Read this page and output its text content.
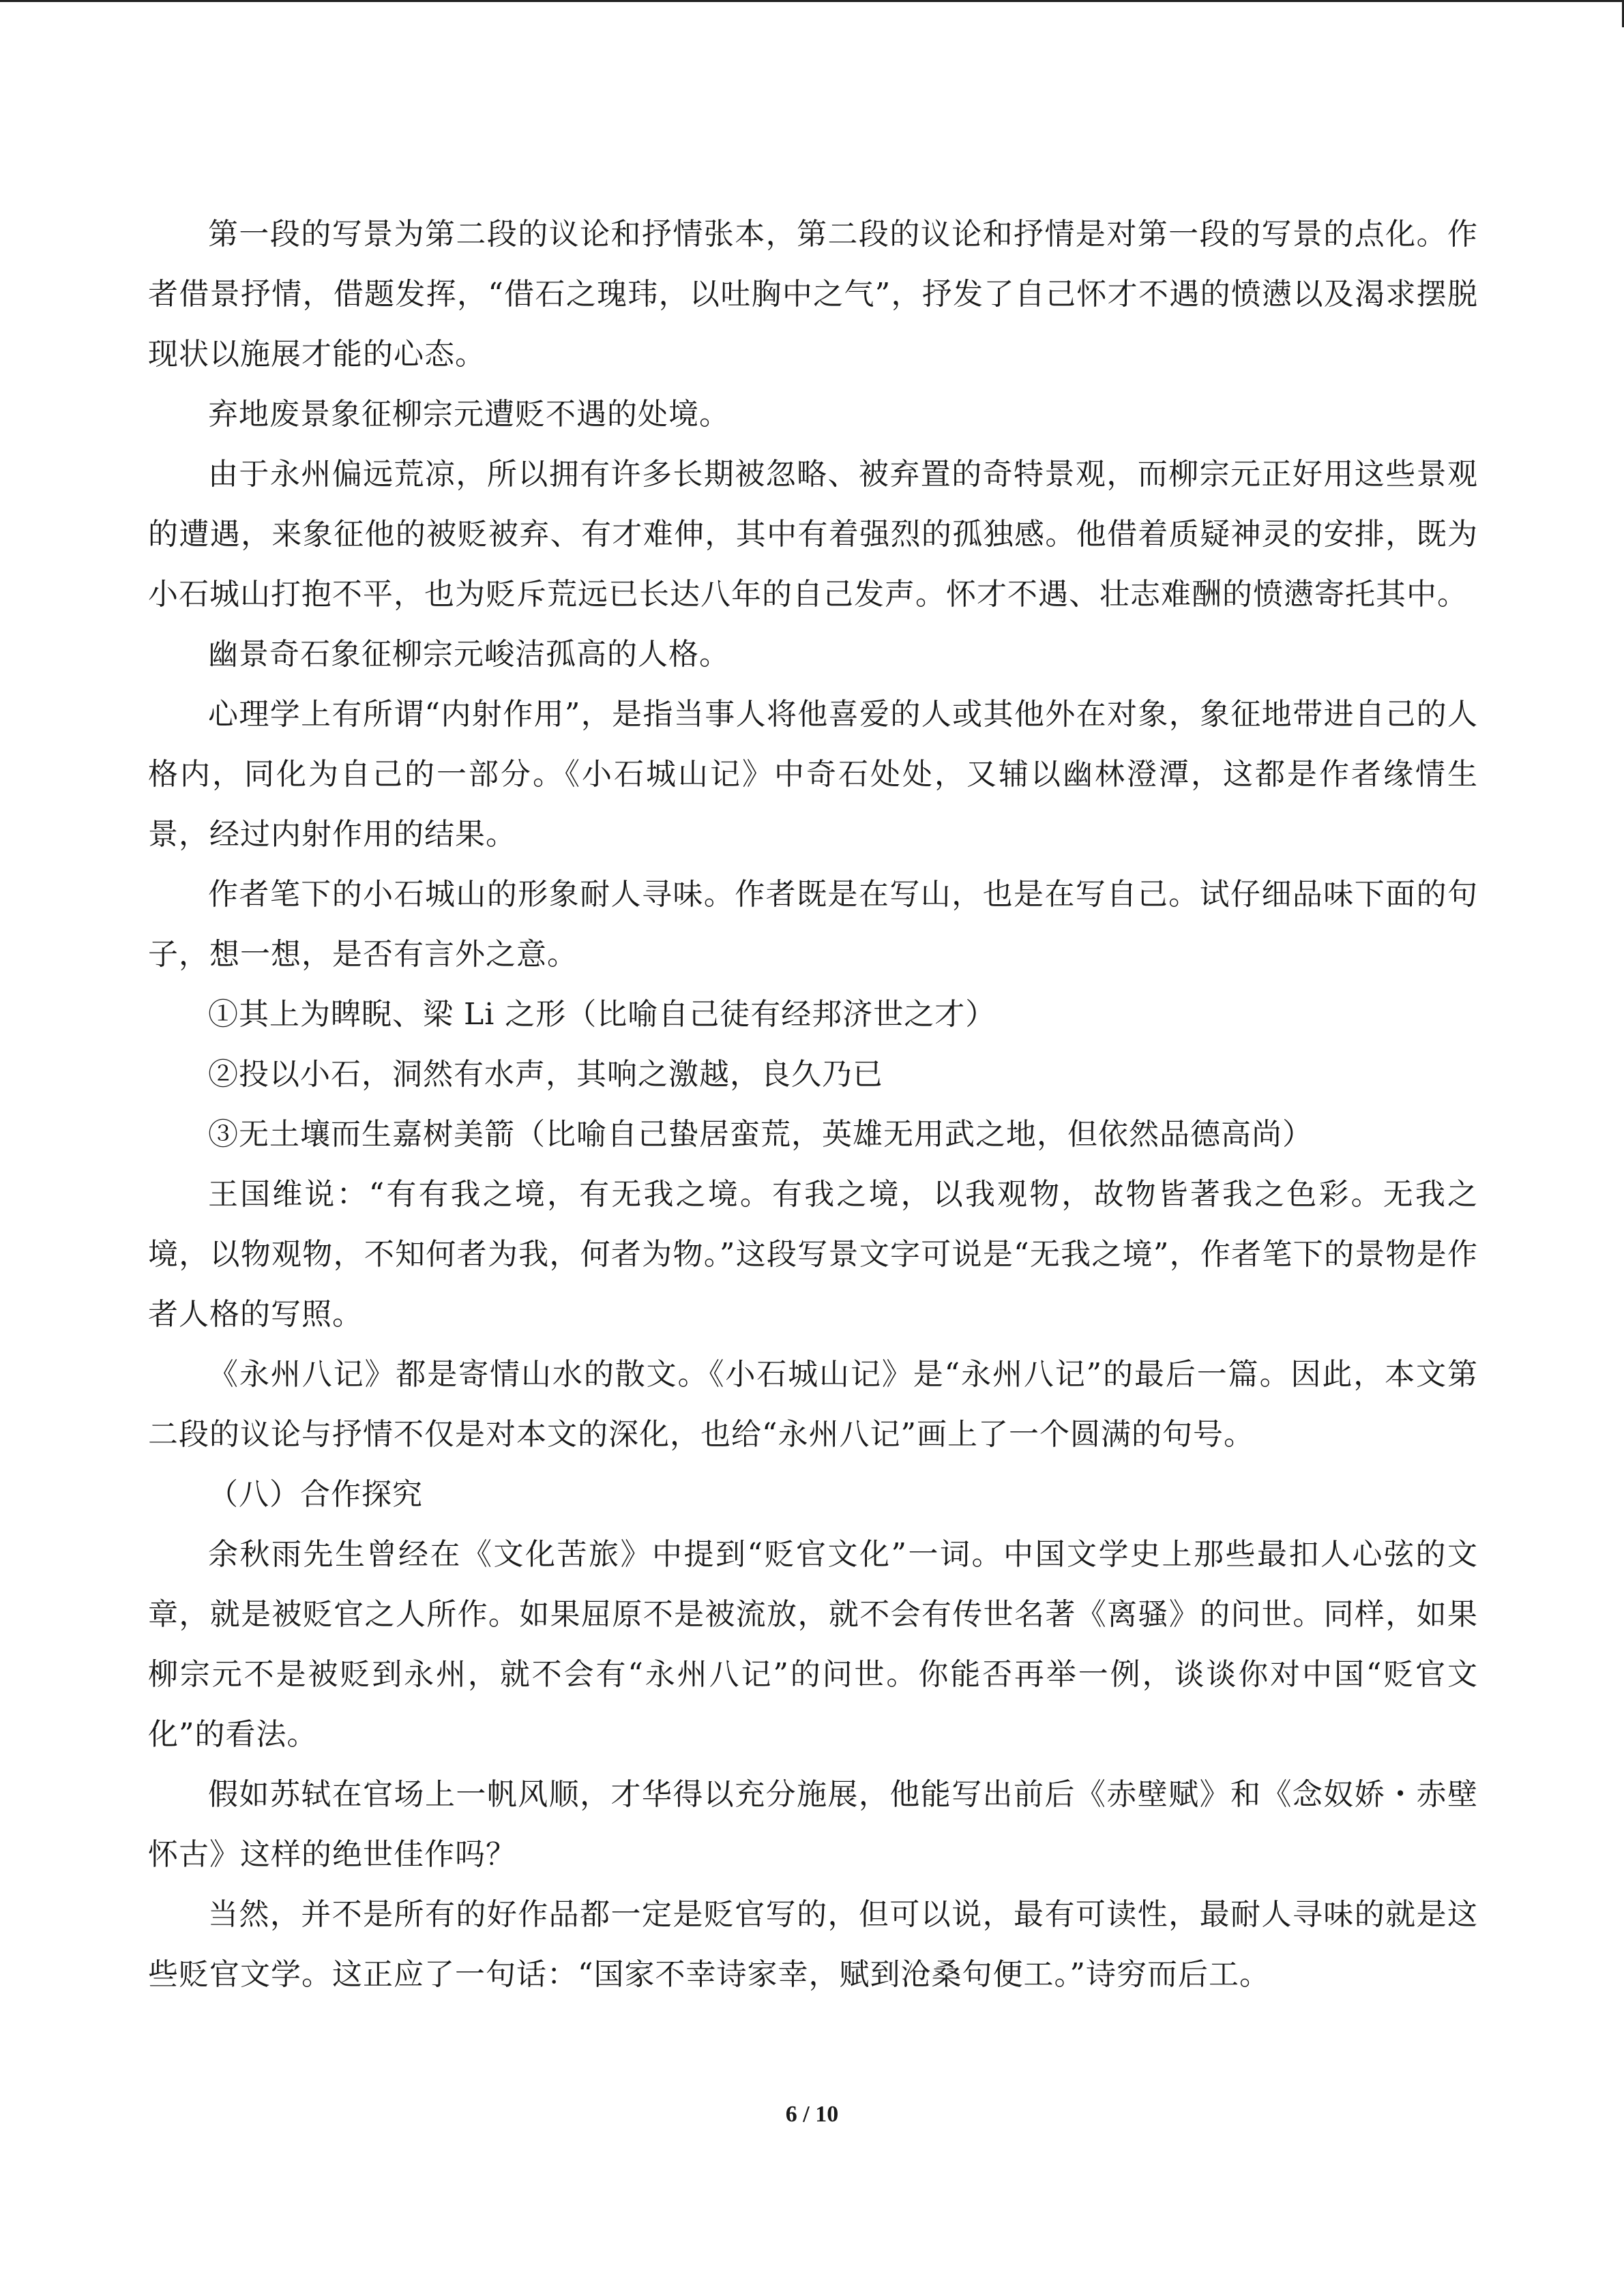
第一段的写景为第二段的议论和抒情张本，第二段的议论和抒情是对第一段的写景的点化。作者借景抒情，借题发挥，“借石之瑰玮，以吐胸中之气”，抒发了自己怀才不遇的愤懑以及渴求摆脱现状以施展才能的心态。

弃地废景象征柳宗元遭贬不遇的处境。

由于永州偏远荒凉，所以拥有许多长期被忽略、被弃置的奇特景观，而柳宗元正好用这些景观的遭遇，来象征他的被贬被弃、有才难伸，其中有着强烈的孤独感。他借着质疑神灵的安排，既为小石城山打抱不平，也为贬斥荒远已长达八年的自己发声。怀才不遇、壮志难酬的愤懑寄托其中。

幽景奇石象征柳宗元峻洁孤高的人格。

心理学上有所谓“内射作用”，是指当事人将他喜爱的人或其他外在对象，象征地带进自己的人格内，同化为自己的一部分。《小石城山记》中奇石处处，又辅以幽林澄潭，这都是作者缘情生景，经过内射作用的结果。

作者笔下的小石城山的形象耐人寻味。作者既是在写山，也是在写自己。试仔细品味下面的句子，想一想，是否有言外之意。

①其上为睥睨、梁 Li 之形（比喻自己徒有经邦济世之才）

②投以小石，洞然有水声，其响之激越，良久乃已

③无土壤而生嘉树美箭（比喻自己蛰居蛮荒，英雄无用武之地，但依然品德高尚）

王国维说：“有有我之境，有无我之境。有我之境，以我观物，故物皆著我之色彩。无我之境，以物观物，不知何者为我，何者为物。”这段写景文字可说是“无我之境”，作者笔下的景物是作者人格的写照。

《永州八记》都是寄情山水的散文。《小石城山记》是“永州八记”的最后一篇。因此，本文第二段的议论与抒情不仅是对本文的深化，也给“永州八记”画上了一个圆满的句号。

（八）合作探究

余秋雨先生曾经在《文化苦旅》中提到“贬官文化”一词。中国文学史上那些最扣人心弦的文章，就是被贬官之人所作。如果屈原不是被流放，就不会有传世名著《离骚》的问世。同样，如果柳宗元不是被贬到永州，就不会有“永州八记”的问世。你能否再举一例，谈谈你对中国“贬官文化”的看法。

假如苏轼在官场上一帆风顺，才华得以充分施展，他能写出前后《赤壁赋》和《念奴娇・赤壁怀古》这样的绝世佳作吗？

当然，并不是所有的好作品都一定是贬官写的，但可以说，最有可读性，最耐人寻味的就是这些贬官文学。这正应了一句话：“国家不幸诗家幸，赋到沧桑句便工。”诗穷而后工。

6 / 10
